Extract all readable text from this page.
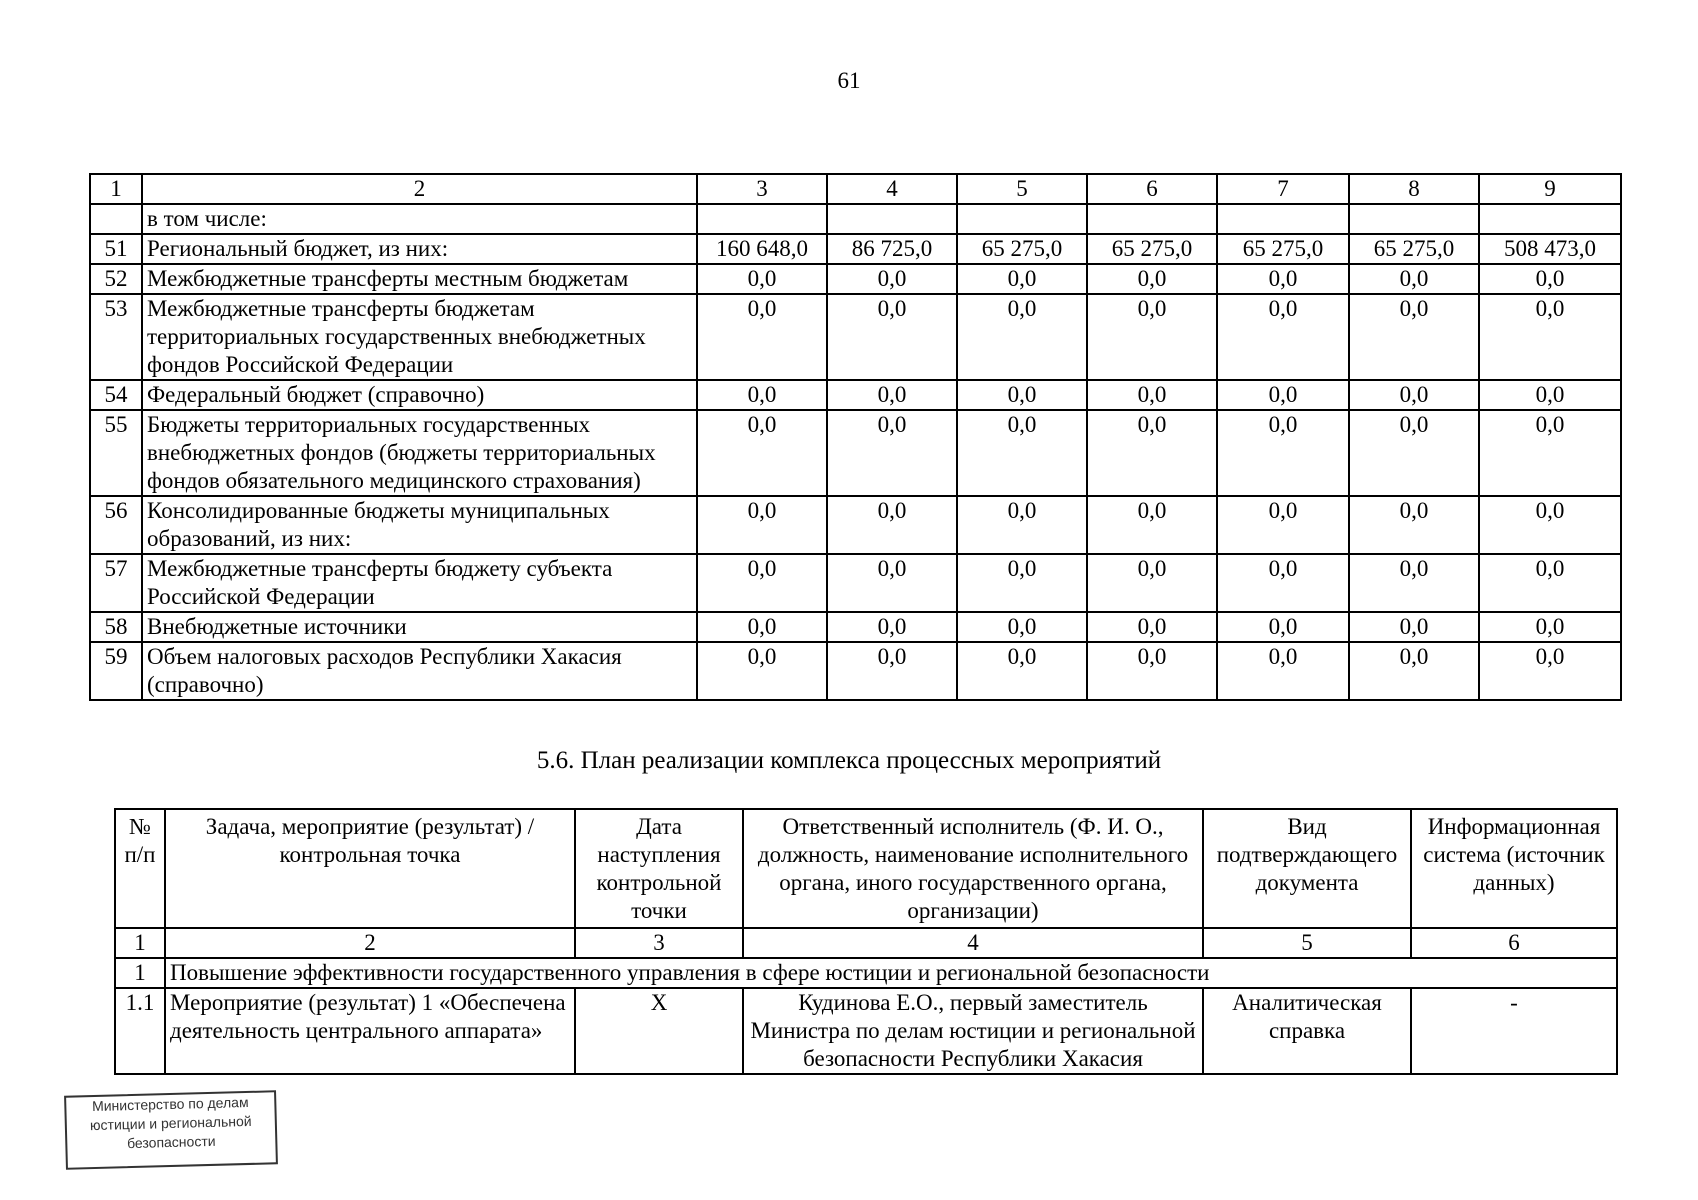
61
1	2	3	4	5	6	7	8	9
	в том числе:							
51	Региональный бюджет, из них:	160 648,0	86 725,0	65 275,0	65 275,0	65 275,0	65 275,0	508 473,0
52	Межбюджетные трансферты местным бюджетам	0,0	0,0	0,0	0,0	0,0	0,0	0,0
53	Межбюджетные трансферты бюджетам территориальных государственных внебюджетных фондов Российской Федерации	0,0	0,0	0,0	0,0	0,0	0,0	0,0
54	Федеральный бюджет (справочно)	0,0	0,0	0,0	0,0	0,0	0,0	0,0
55	Бюджеты территориальных государственных внебюджетных фондов (бюджеты территориальных фондов обязательного медицинского страхования)	0,0	0,0	0,0	0,0	0,0	0,0	0,0
56	Консолидированные бюджеты муниципальных образований, из них:	0,0	0,0	0,0	0,0	0,0	0,0	0,0
57	Межбюджетные трансферты бюджету субъекта Российской Федерации	0,0	0,0	0,0	0,0	0,0	0,0	0,0
58	Внебюджетные источники	0,0	0,0	0,0	0,0	0,0	0,0	0,0
59	Объем налоговых расходов Республики Хакасия (справочно)	0,0	0,0	0,0	0,0	0,0	0,0	0,0
5.6. План реализации комплекса процессных мероприятий
№ п/п	Задача, мероприятие (результат) / контрольная точка	Дата наступления контрольной точки	Ответственный исполнитель (Ф. И. О., должность, наименование исполнительного органа, иного государственного органа, организации)	Вид подтверждающего документа	Информационная система (источник данных)
1	2	3	4	5	6
1	Повышение эффективности государственного управления в сфере юстиции и региональной безопасности				
1.1	Мероприятие (результат) 1 «Обеспечена деятельность центрального аппарата»	X	Кудинова Е.О., первый заместитель Министра по делам юстиции и региональной безопасности Республики Хакасия	Аналитическая справка	-
Министерство по делам
юстиции и региональной
безопасности
